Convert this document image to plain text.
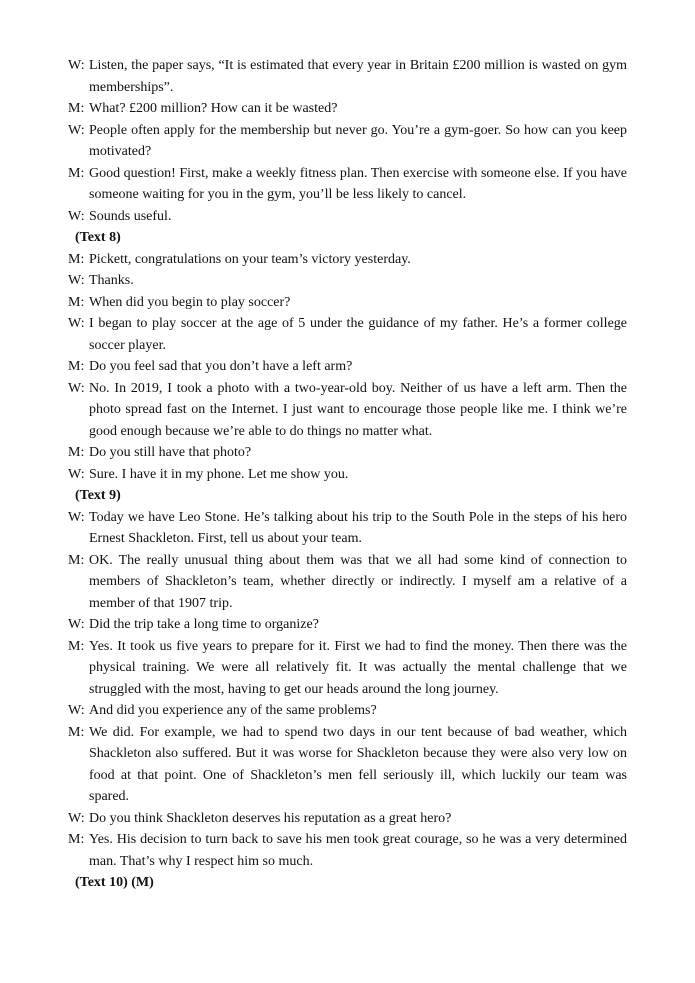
W: Listen, the paper says, “It is estimated that every year in Britain £200 million is wasted on gym memberships”.
M: What? £200 million? How can it be wasted?
W: People often apply for the membership but never go. You’re a gym-goer. So how can you keep motivated?
M: Good question! First, make a weekly fitness plan. Then exercise with someone else. If you have someone waiting for you in the gym, you’ll be less likely to cancel.
W: Sounds useful.
(Text 8)
M: Pickett, congratulations on your team’s victory yesterday.
W: Thanks.
M: When did you begin to play soccer?
W: I began to play soccer at the age of 5 under the guidance of my father. He’s a former college soccer player.
M: Do you feel sad that you don’t have a left arm?
W: No. In 2019, I took a photo with a two-year-old boy. Neither of us have a left arm. Then the photo spread fast on the Internet. I just want to encourage those people like me. I think we’re good enough because we’re able to do things no matter what.
M: Do you still have that photo?
W: Sure. I have it in my phone. Let me show you.
(Text 9)
W: Today we have Leo Stone. He’s talking about his trip to the South Pole in the steps of his hero Ernest Shackleton. First, tell us about your team.
M: OK. The really unusual thing about them was that we all had some kind of connection to members of Shackleton’s team, whether directly or indirectly. I myself am a relative of a member of that 1907 trip.
W: Did the trip take a long time to organize?
M: Yes. It took us five years to prepare for it. First we had to find the money. Then there was the physical training. We were all relatively fit. It was actually the mental challenge that we struggled with the most, having to get our heads around the long journey.
W: And did you experience any of the same problems?
M: We did. For example, we had to spend two days in our tent because of bad weather, which Shackleton also suffered. But it was worse for Shackleton because they were also very low on food at that point. One of Shackleton’s men fell seriously ill, which luckily our team was spared.
W: Do you think Shackleton deserves his reputation as a great hero?
M: Yes. His decision to turn back to save his men took great courage, so he was a very determined man. That’s why I respect him so much.
(Text 10) (M)
